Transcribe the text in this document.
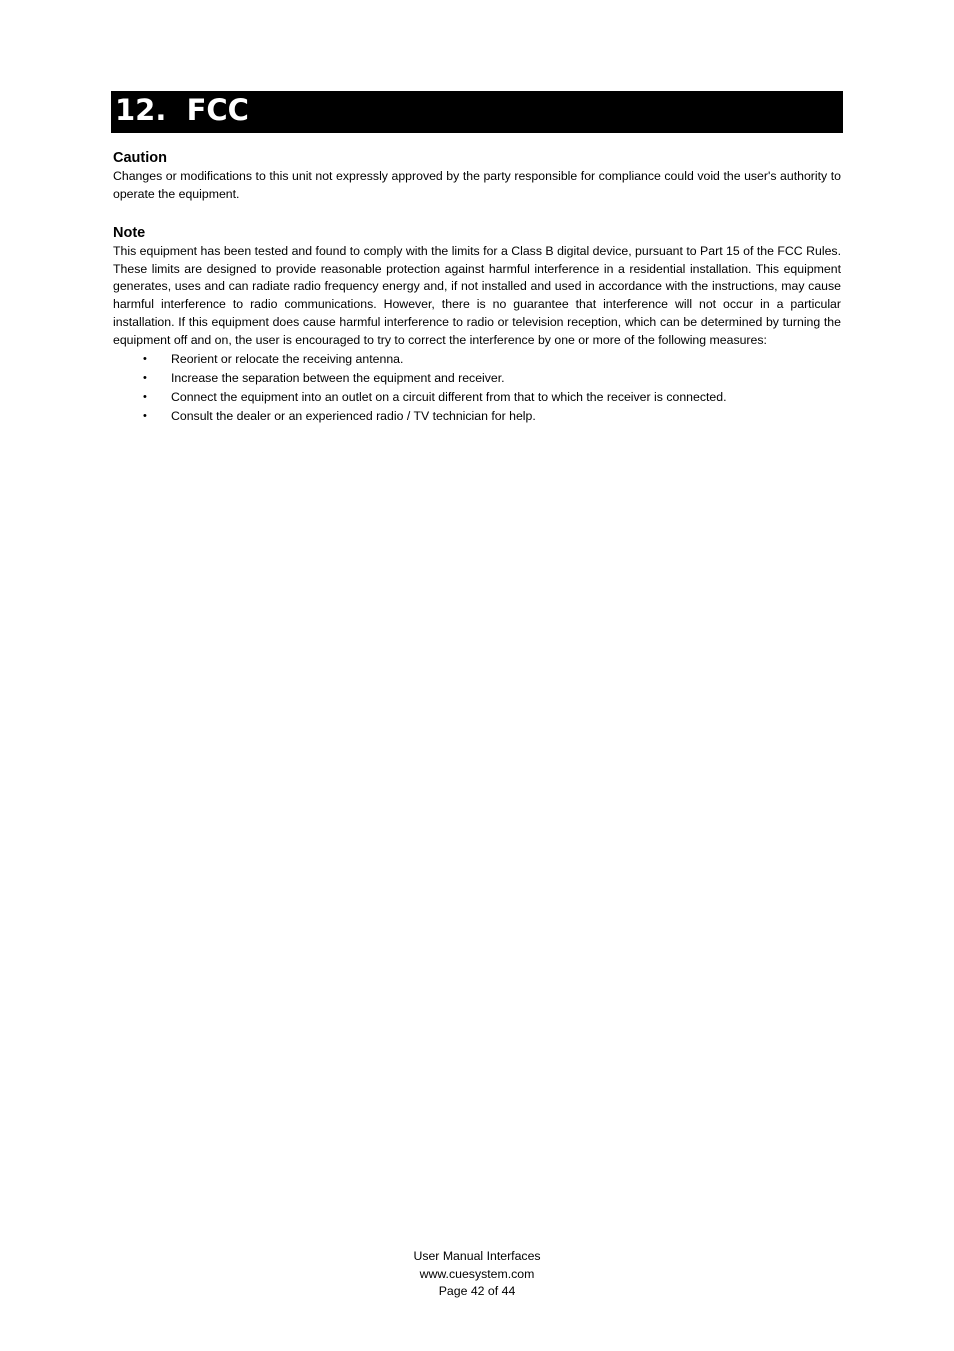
12.  FCC
Caution

Changes or modifications to this unit not expressly approved by the party responsible for compliance could void the user's authority to operate the equipment.

Note

This equipment has been tested and found to comply with the limits for a Class B digital device, pursuant to Part 15 of the FCC Rules. These limits are designed to provide reasonable protection against harmful interference in a residential installation. This equipment generates, uses and can radiate radio frequency energy and, if not installed and used in accordance with the instructions, may cause harmful interference to radio communications. However, there is no guarantee that interference will not occur in a particular installation. If this equipment does cause harmful interference to radio or television reception, which can be determined by turning the equipment off and on, the user is encouraged to try to correct the interference by one or more of the following measures:

• Reorient or relocate the receiving antenna.
• Increase the separation between the equipment and receiver.
• Connect the equipment into an outlet on a circuit different from that to which the receiver is connected.
• Consult the dealer or an experienced radio / TV technician for help.
User Manual Interfaces
www.cuesystem.com
Page 42 of 44
